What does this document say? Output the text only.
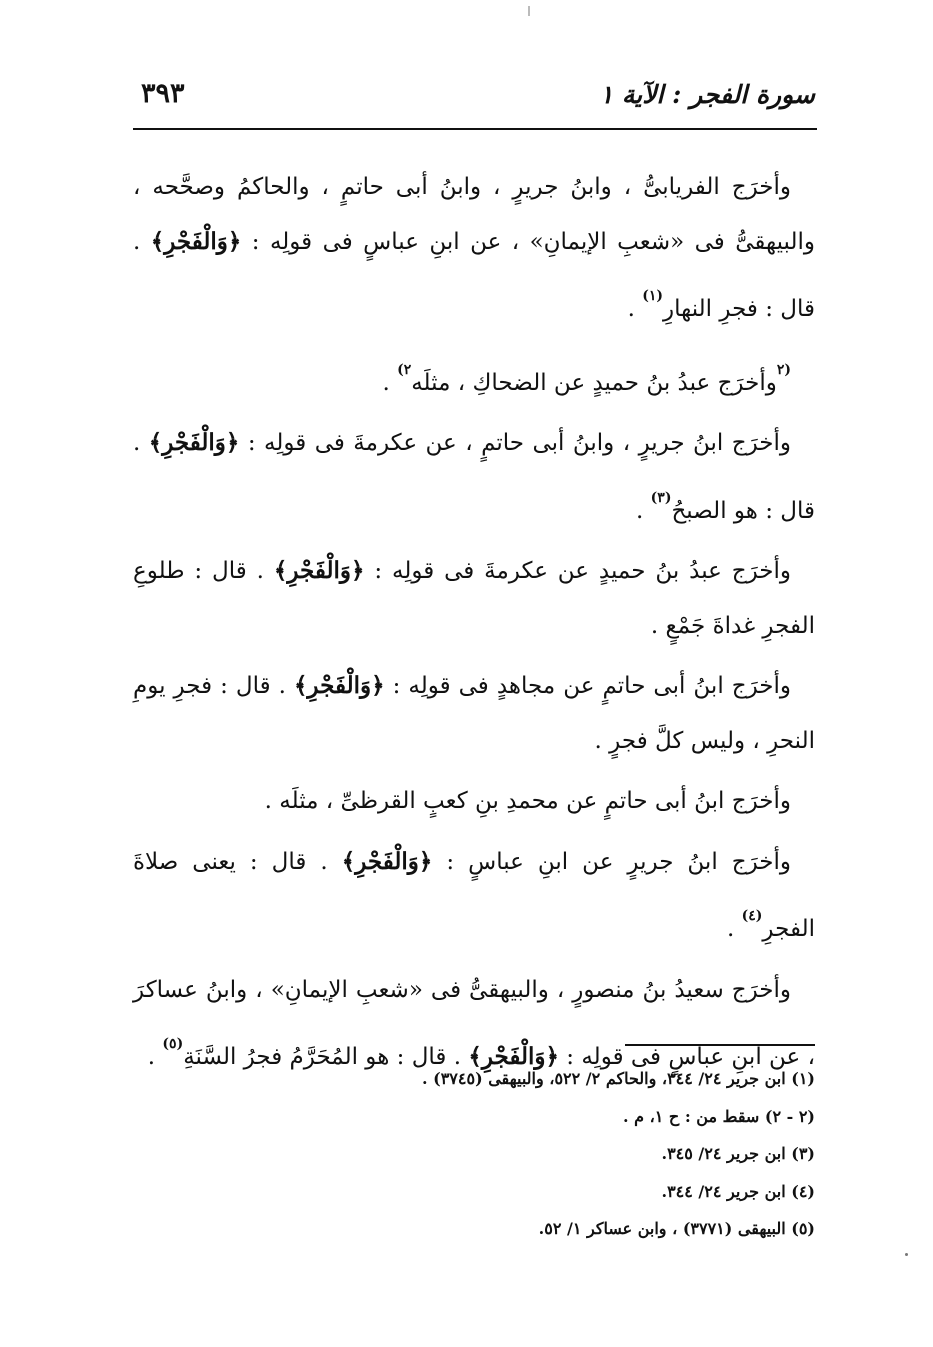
سورة الفجر : الآية ١
٣٩٣

وأخرَج الفريابىُّ ، وابنُ جريرٍ ، وابنُ أبى حاتمٍ ، والحاكمُ وصحَّحه ، والبيهقىُّ فى «شعبِ الإيمانِ» ، عن ابنِ عباسٍ فى قولِه : ﴿وَالْفَجْرِ﴾ . قال : فجرِ النهارِ$^{(١)}$ .

$^{(٢}$وأخرَج عبدُ بنُ حميدٍ عن الضحاكِ ، مثلَه$^{٢)}$ .

وأخرَج ابنُ جريرٍ ، وابنُ أبى حاتمٍ ، عن عكرمةَ فى قولِه : ﴿وَالْفَجْرِ﴾ . قال : هو الصبحُ$^{(٣)}$ .

وأخرَج عبدُ بنُ حميدٍ عن عكرمةَ فى قولِه : ﴿وَالْفَجْرِ﴾ . قال : طلوعِ الفجرِ غداةَ جَمْعٍ .

وأخرَج ابنُ أبى حاتمٍ عن مجاهدٍ فى قولِه : ﴿وَالْفَجْرِ﴾ . قال : فجرِ يومِ النحرِ ، وليس كلَّ فجرٍ .

وأخرَج ابنُ أبى حاتمٍ عن محمدِ بنِ كعبٍ القرظىِّ ، مثلَه .

وأخرَج ابنُ جريرٍ عن ابنِ عباسٍ : ﴿وَالْفَجْرِ﴾ . قال : يعنى صلاةَ الفجرِ$^{(٤)}$ .

وأخرَج سعيدُ بنُ منصورٍ ، والبيهقىُّ فى «شعبِ الإيمانِ» ، وابنُ عساكرَ ، عن ابنِ عباسٍ فى قولِه : ﴿وَالْفَجْرِ﴾ . قال : هو المُحَرَّمُ فجرُ السَّنَةِ$^{(٥)}$ .

(١) ابن جرير ٢٤/ ٣٤٤، والحاكم ٢/ ٥٢٢، والبيهقى (٣٧٤٥) .
(٢ - ٢) سقط من : ح ١، م .
(٣) ابن جرير ٢٤/ ٣٤٥.
(٤) ابن جرير ٢٤/ ٣٤٤.
(٥) البيهقى (٣٧٧١) ، وابن عساكر ١/ ٥٢.
